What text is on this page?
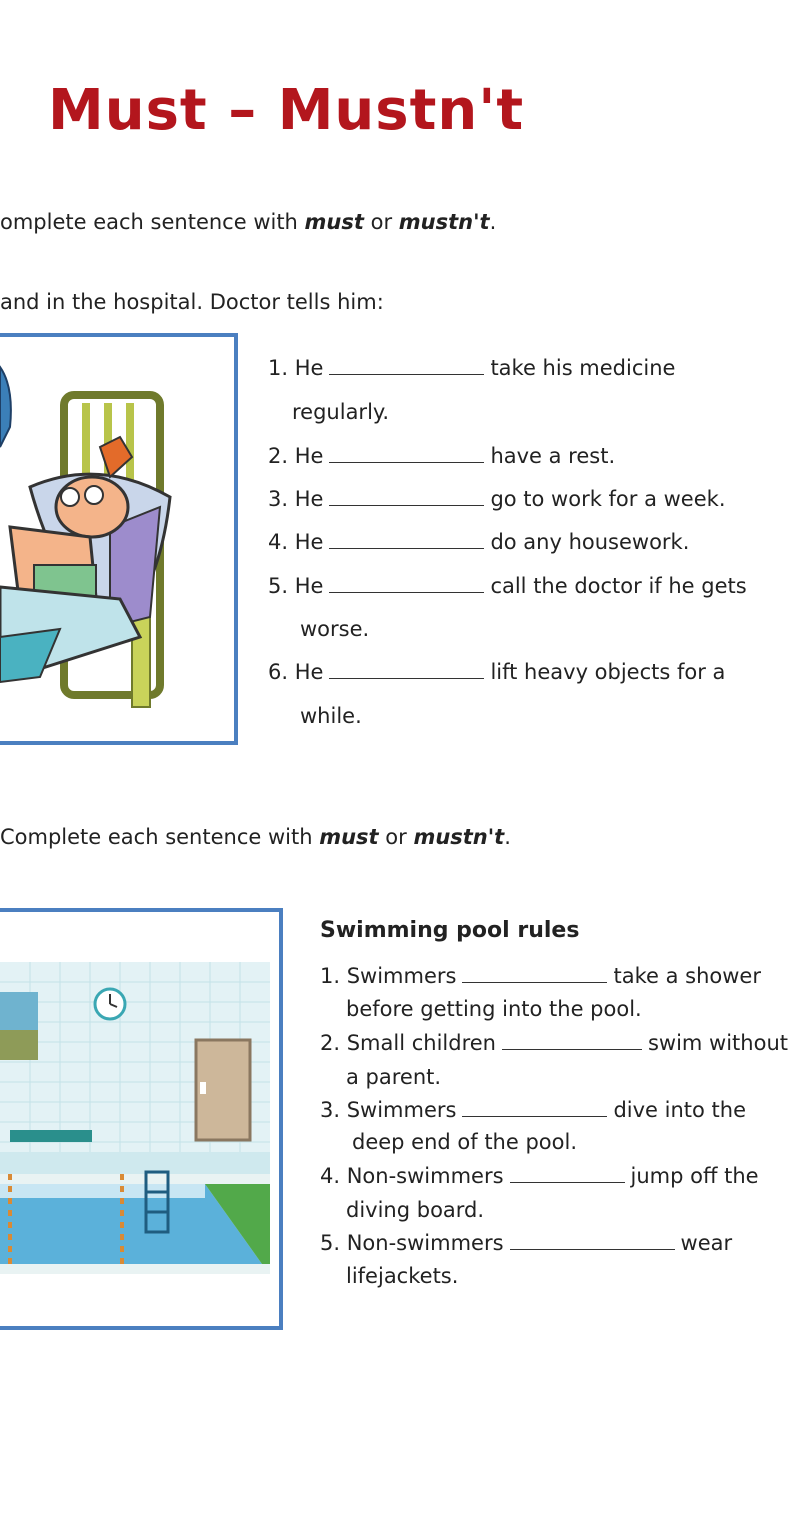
Must – Mustn't
omplete each sentence with must or mustn't.
and in the hospital. Doctor tells him:
1. He	take his medicine
regularly.
2. He	have a rest.
3. He	go to work for a week.
4. He	do any housework.
5. He	call the doctor if he gets
worse.
6. He	lift heavy objects for a
while.
Complete each sentence with must or mustn't.
Swimming pool rules
1. Swimmers	take a shower
before getting into the pool.
2. Small children	swim without
a parent.
3. Swimmers	dive into the
deep end of the pool.
4. Non-swimmers	jump off the
diving board.
5. Non-swimmers	wear
lifejackets.
